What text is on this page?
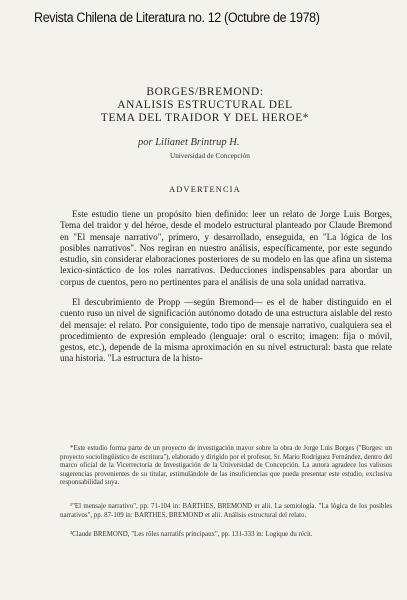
Revista Chilena de Literatura no. 12 (Octubre de 1978)
BORGES/BREMOND:
ANALISIS ESTRUCTURAL DEL
TEMA DEL TRAIDOR Y DEL HEROE*
por Lilianet Brintrup H.
Universidad de Concepción
ADVERTENCIA

Este estudio tiene un propósito bien definido: leer un relato de Jorge Luis Borges, Tema del traidor y del héroe, desde el modelo estructural planteado por Claude Bremond en "El mensaje narrativo", primero, y desarrollado, enseguida, en "La lógica de los posibles narrativos". Nos regiran en nuestro análisis, específicamente, por este segundo estudio, sin considerar elaboraciones posteriores de su modelo en las que afina un sistema lexico-sintáctico de los roles narrativos. Deducciones indispensables para abordar un corpus de cuentos, pero no pertinentes para el análisis de una sola unidad narrativa.

El descubrimiento de Propp —según Bremond— es el de haber distinguido en el cuento ruso un nivel de significación autónomo dotado de una estructura aislable del resto del mensaje: el relato. Por consiguiente, todo tipo de mensaje narrativo, cualquiera sea el procedimiento de expresión empleado (lenguaje: oral o escrito; imagen: fija o móvil, gestos, etc.), depende de la misma aproximación en su nivel estructural: basta que relate una historia. "La estructura de la histo-

*Este estudio forma parte de un proyecto de investigación mayor sobre la obra de Jorge Luis Borges ("Borges: un proyecto sociolingüístico de escritura"), elaborado y dirigido por el profesor, Sr. Mario Rodríguez Fernández, dentro del marco oficial de la Vicerrectoría de Investigación de la Universidad de Concepción. La autora agradece los valiosos sugerencias provenientes de su titular, estimulándole de las insuficiencias que pueda presentar este estudio, exclusiva responsabilidad suya.

¹"El mensaje narrativo", pp. 71-104 in: BARTHES, BREMOND et alii. La semiología. "La lógica de los posibles narrativos", pp. 87-109 in: BARTHES, BREMOND et alii. Análisis estructural del relato.

²Claude BREMOND, "Les rôles narratifs principaux", pp. 131-333 in: Logique du récit.
